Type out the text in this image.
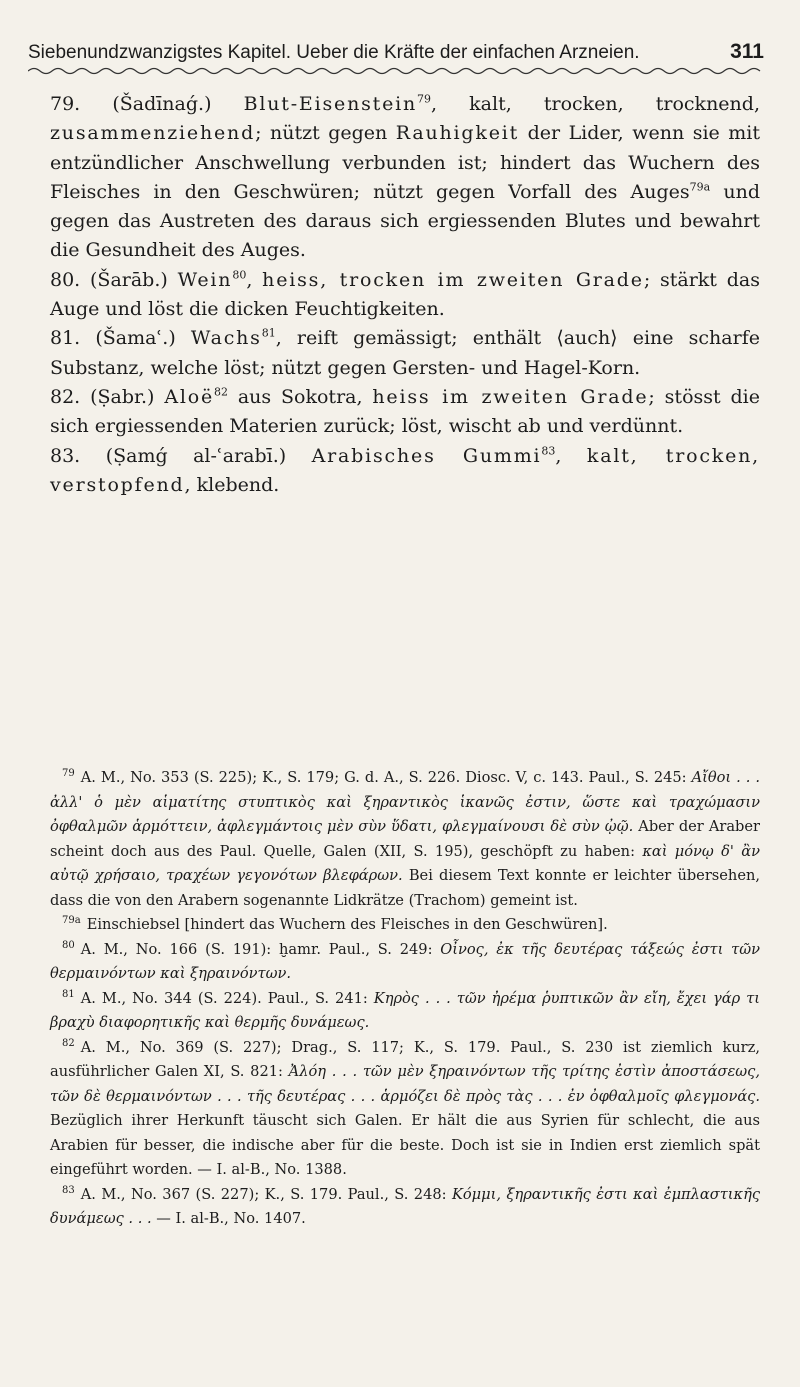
Siebenundzwanzigstes Kapitel. Ueber die Kräfte der einfachen Arzneien.	311

79. (Šadīnaǵ.) Blut-Eisenstein$^{79}$, kalt, trocken, trocknend, zusammenziehend; nützt gegen Rauhigkeit der Lider, wenn sie mit entzündlicher Anschwellung verbunden ist; hindert das Wuchern des Fleisches in den Geschwüren; nützt gegen Vorfall des Auges$^{79a}$ und gegen das Austreten des daraus sich ergiessenden Blutes und bewahrt die Gesundheit des Auges.

80. (Šarāb.) Wein$^{80}$, heiss, trocken im zweiten Grade; stärkt das Auge und löst die dicken Feuchtigkeiten.

81. (Šamaʿ.) Wachs$^{81}$, reift gemässigt; enthält ⟨auch⟩ eine scharfe Substanz, welche löst; nützt gegen Gersten- und Hagel-Korn.

82. (Ṣabr.) Aloë$^{82}$ aus Sokotra, heiss im zweiten Grade; stösst die sich ergiessenden Materien zurück; löst, wischt ab und verdünnt.

83. (Ṣamǵ al-ʿarabī.) Arabisches Gummi$^{83}$, kalt, trocken, verstopfend, klebend.

$^{79}$ A. M., No. 353 (S. 225); K., S. 179; G. d. A., S. 226. Diosc. V, c. 143. Paul., S. 245: Αἴθοι . . . ἀλλ' ὁ μὲν αἱματίτης στυπτικὸς καὶ ξηραντικὸς ἱκανῶς ἐστιν, ὥστε καὶ τραχώμασιν ὀφθαλμῶν ἁρμόττειν, ἀφλεγμάντοις μὲν σὺν ὕδατι, φλεγμαίνουσι δὲ σὺν ᾠῷ. Aber der Araber scheint doch aus des Paul. Quelle, Galen (XII, S. 195), geschöpft zu haben: καὶ μόνῳ δ' ἂν αὐτῷ χρήσαιο, τραχέων γεγονότων βλεφάρων. Bei diesem Text konnte er leichter übersehen, dass die von den Arabern sogenannte Lidkrätze (Trachom) gemeint ist.

$^{79a}$ Einschiebsel [hindert das Wuchern des Fleisches in den Geschwüren].

$^{80}$ A. M., No. 166 (S. 191): ḫamr. Paul., S. 249: Οἶνος, ἐκ τῆς δευτέρας τάξεώς ἐστι τῶν θερμαινόντων καὶ ξηραινόντων.

$^{81}$ A. M., No. 344 (S. 224). Paul., S. 241: Κηρὸς . . . τῶν ἠρέμα ῥυπτικῶν ἂν εἴη, ἔχει γάρ τι βραχὺ διαφορητικῆς καὶ θερμῆς δυνάμεως.

$^{82}$ A. M., No. 369 (S. 227); Drag., S. 117; K., S. 179. Paul., S. 230 ist ziemlich kurz, ausführlicher Galen XI, S. 821: Ἀλόη . . . τῶν μὲν ξηραινόντων τῆς τρίτης ἐστὶν ἀποστάσεως, τῶν δὲ θερμαινόντων . . . τῆς δευτέρας . . . ἁρμόζει δὲ πρὸς τὰς . . . ἐν ὀφθαλμοῖς φλεγμονάς. Bezüglich ihrer Herkunft täuscht sich Galen. Er hält die aus Syrien für schlecht, die aus Arabien für besser, die indische aber für die beste. Doch ist sie in Indien erst ziemlich spät eingeführt worden. — I. al-B., No. 1388.

$^{83}$ A. M., No. 367 (S. 227); K., S. 179. Paul., S. 248: Κόμμι, ξηραντικῆς ἐστι καὶ ἐμπλαστικῆς δυνάμεως . . . — I. al-B., No. 1407.
